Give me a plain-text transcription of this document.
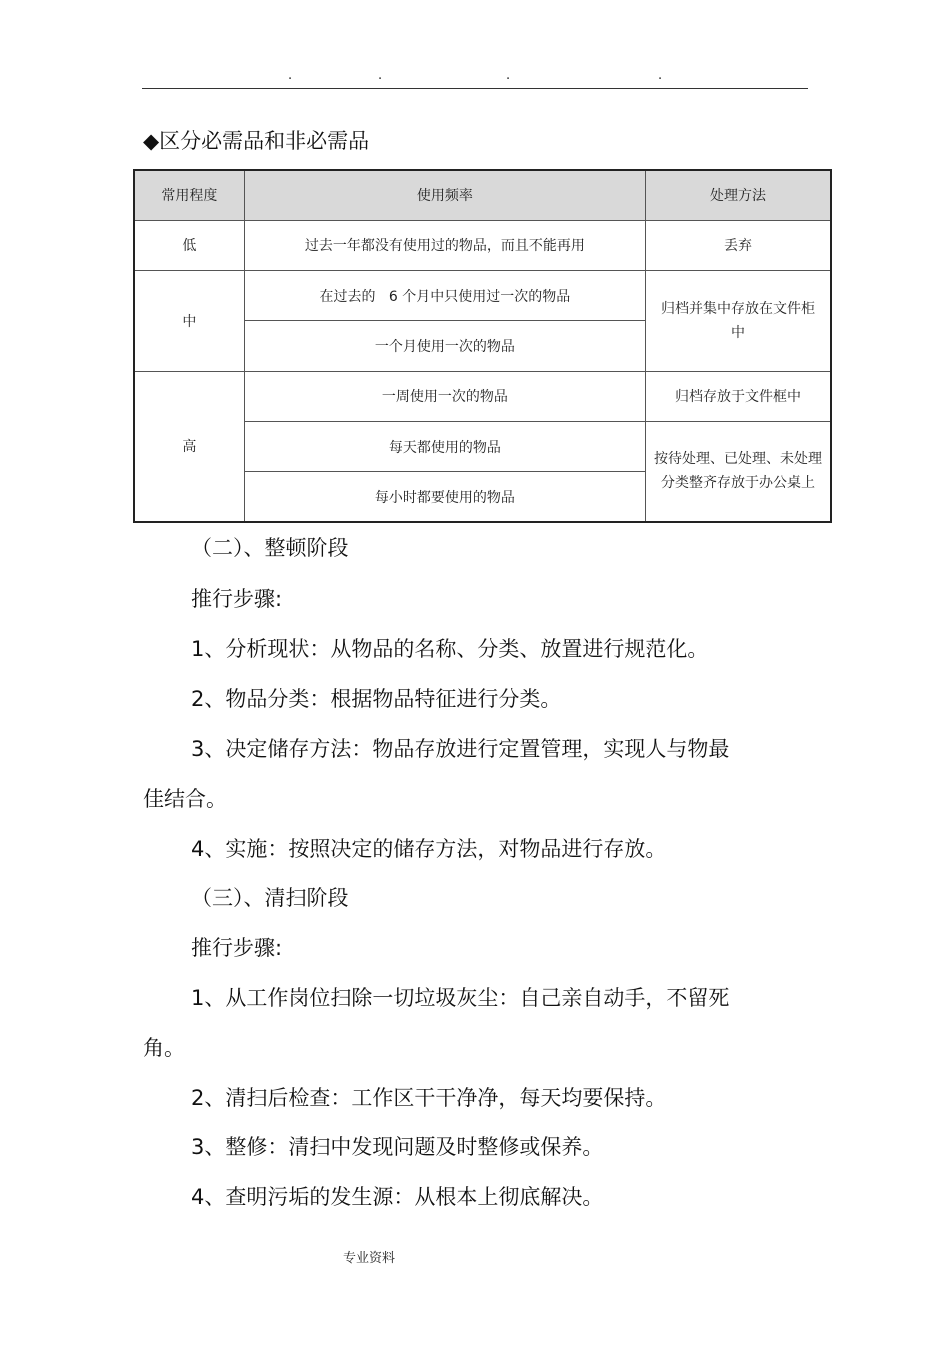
.	.	.	.
◆区分必需品和非必需品
常用程度	使用频率	处理方法
低	过去一年都没有使用过的物品，而且不能再用	丢弃
中	在过去的   6 个月中只使用过一次的物品	归档并集中存放在文件柜中
	一个月使用一次的物品	
高	一周使用一次的物品	归档存放于文件框中
	每天都使用的物品	按待处理、已处理、未处理分类整齐存放于办公桌上
	每小时都要使用的物品	
（二）、整顿阶段
推行步骤:
1、分析现状：从物品的名称、分类、放置进行规范化。
2、物品分类：根据物品特征进行分类。
3、决定储存方法：物品存放进行定置管理，实现人与物最
佳结合。
4、实施：按照决定的储存方法，对物品进行存放。
（三）、清扫阶段
推行步骤:
1、从工作岗位扫除一切垃圾灰尘：自己亲自动手，不留死
角。
2、清扫后检查：工作区干干净净，每天均要保持。
3、整修：清扫中发现问题及时整修或保养。
4、查明污垢的发生源：从根本上彻底解决。
专业资料
